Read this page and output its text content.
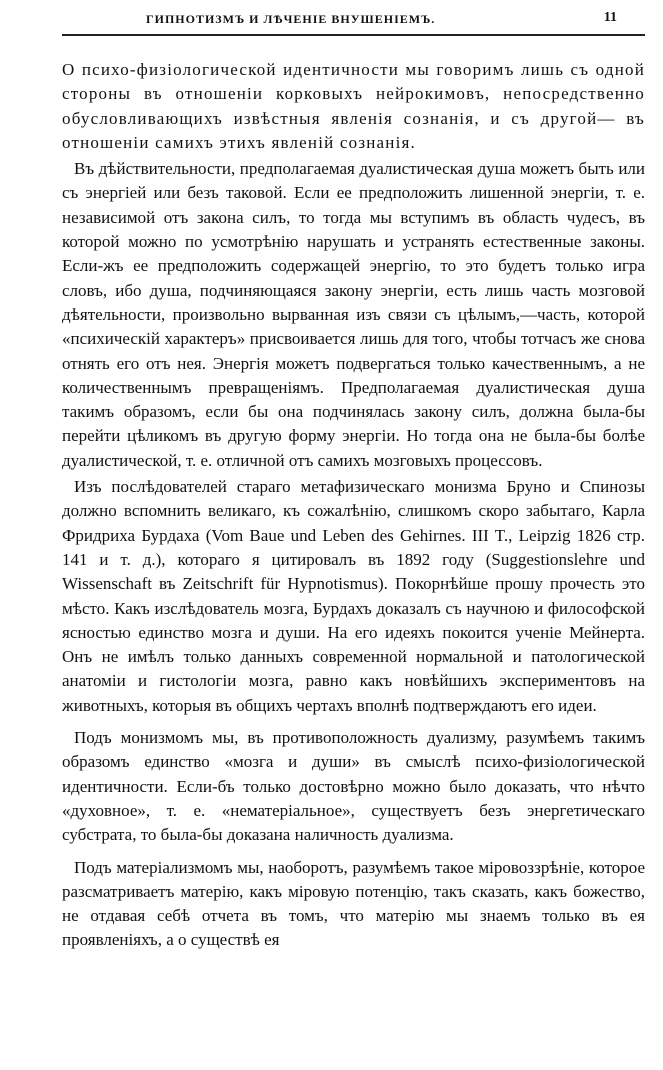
ГИПНОТИЗМЪ И ЛѢЧЕНІЕ ВНУШЕНІЕМЪ.	11

О психо-физіологической идентичности мы говоримъ лишь съ одной стороны въ отношеніи корковыхъ нейрокимовъ, непосредственно обусловливающихъ извѣстныя явленія сознанія, и съ другой— въ отношеніи самихъ этихъ явленій сознанія.

Въ дѣйствительности, предполагаемая дуалистическая душа можетъ быть или съ энергіей или безъ таковой. Если ее предположить лишенной энергіи, т. е. независимой отъ закона силъ, то тогда мы вступимъ въ область чудесъ, въ которой можно по усмотрѣнію нарушать и устранять естественные законы. Если-жъ ее предположить содержащей энергію, то это будетъ только игра словъ, ибо душа, подчиняющаяся закону энергіи, есть лишь часть мозговой дѣятельности, произвольно вырванная изъ связи съ цѣлымъ,—часть, которой «психическій характеръ» присвоивается лишь для того, чтобы тотчасъ же снова отнять его отъ нея. Энергія можетъ подвергаться только качественнымъ, а не количественнымъ превращеніямъ. Предполагаемая дуалистическая душа такимъ образомъ, если бы она подчинялась закону силъ, должна была-бы перейти цѣликомъ въ другую форму энергіи. Но тогда она не была-бы болѣе дуалистической, т. е. отличной отъ самихъ мозговыхъ процессовъ.

Изъ послѣдователей стараго метафизическаго монизма Бруно и Спинозы должно вспомнить великаго, къ сожалѣнію, слишкомъ скоро забытаго, Карла Фридриха Бурдаха (Vom Baue und Leben des Gehirnes. III T., Leipzig 1826 стр. 141 и т. д.), котораго я цитировалъ въ 1892 году (Suggestionslehre und Wissenschaft въ Zeitschrift für Hypnotismus). Покорнѣйше прошу прочесть это мѣсто. Какъ изслѣдователь мозга, Бурдахъ доказалъ съ научною и философской ясностью единство мозга и души. На его идеяхъ покоится ученіе Мейнерта. Онъ не имѣлъ только данныхъ современной нормальной и патологической анатоміи и гистологіи мозга, равно какъ новѣйшихъ экспериментовъ на животныхъ, которыя въ общихъ чертахъ вполнѣ подтверждаютъ его идеи.

Подъ монизмомъ мы, въ противоположность дуализму, разумѣемъ такимъ образомъ единство «мозга и души» въ смыслѣ психо-физіологической идентичности. Если-бъ только достовѣрно можно было доказать, что нѣчто «духовное», т. е. «нематеріальное», существуетъ безъ энергетическаго субстрата, то была-бы доказана наличность дуализма.

Подъ матеріализмомъ мы, наоборотъ, разумѣемъ такое міровоззрѣніе, которое разсматриваетъ матерію, какъ міровую потенцію, такъ сказать, какъ божество, не отдавая себѣ отчета въ томъ, что матерію мы знаемъ только въ ея проявленіяхъ, а о существѣ ея
